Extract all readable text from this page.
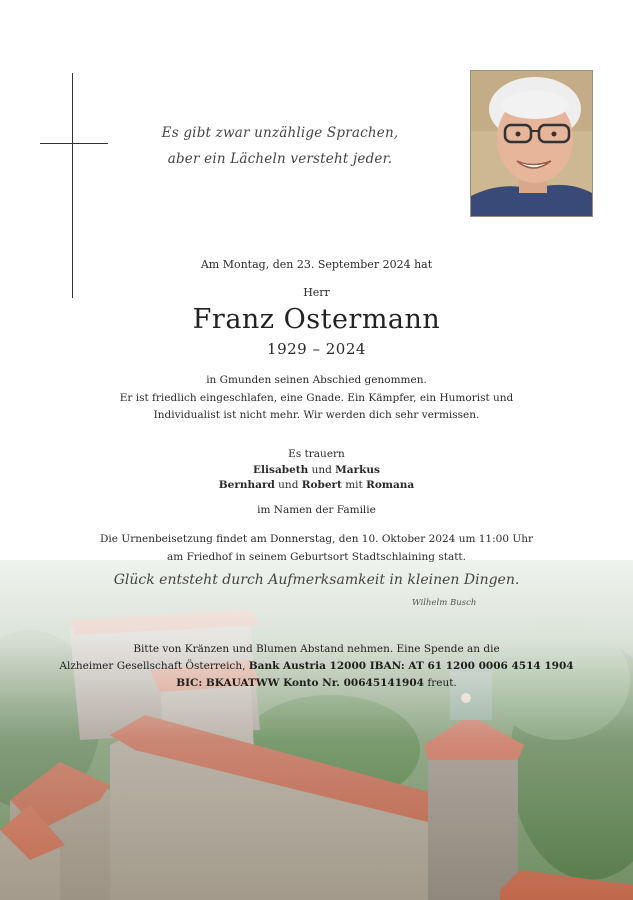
Es gibt zwar unzählige Sprachen,
aber ein Lächeln versteht jeder.
Am Montag, den 23. September 2024 hat
Herr
Franz Ostermann
1929 – 2024
in Gmunden seinen Abschied genommen.
Er ist friedlich eingeschlafen, eine Gnade. Ein Kämpfer, ein Humorist und
Individualist ist nicht mehr. Wir werden dich sehr vermissen.
Es trauern
Elisabeth und Markus
Bernhard und Robert mit Romana
im Namen der Familie
Die Urnenbeisetzung findet am Donnerstag, den 10. Oktober 2024 um 11:00 Uhr
am Friedhof in seinem Geburtsort Stadtschlaining statt.
Glück entsteht durch Aufmerksamkeit in kleinen Dingen.
Wilhelm Busch
Bitte von Kränzen und Blumen Abstand nehmen. Eine Spende an die
Alzheimer Gesellschaft Österreich, Bank Austria 12000 IBAN: AT 61 1200 0006 4514 1904
BIC: BKAUATWW Konto Nr. 00645141904 freut.
